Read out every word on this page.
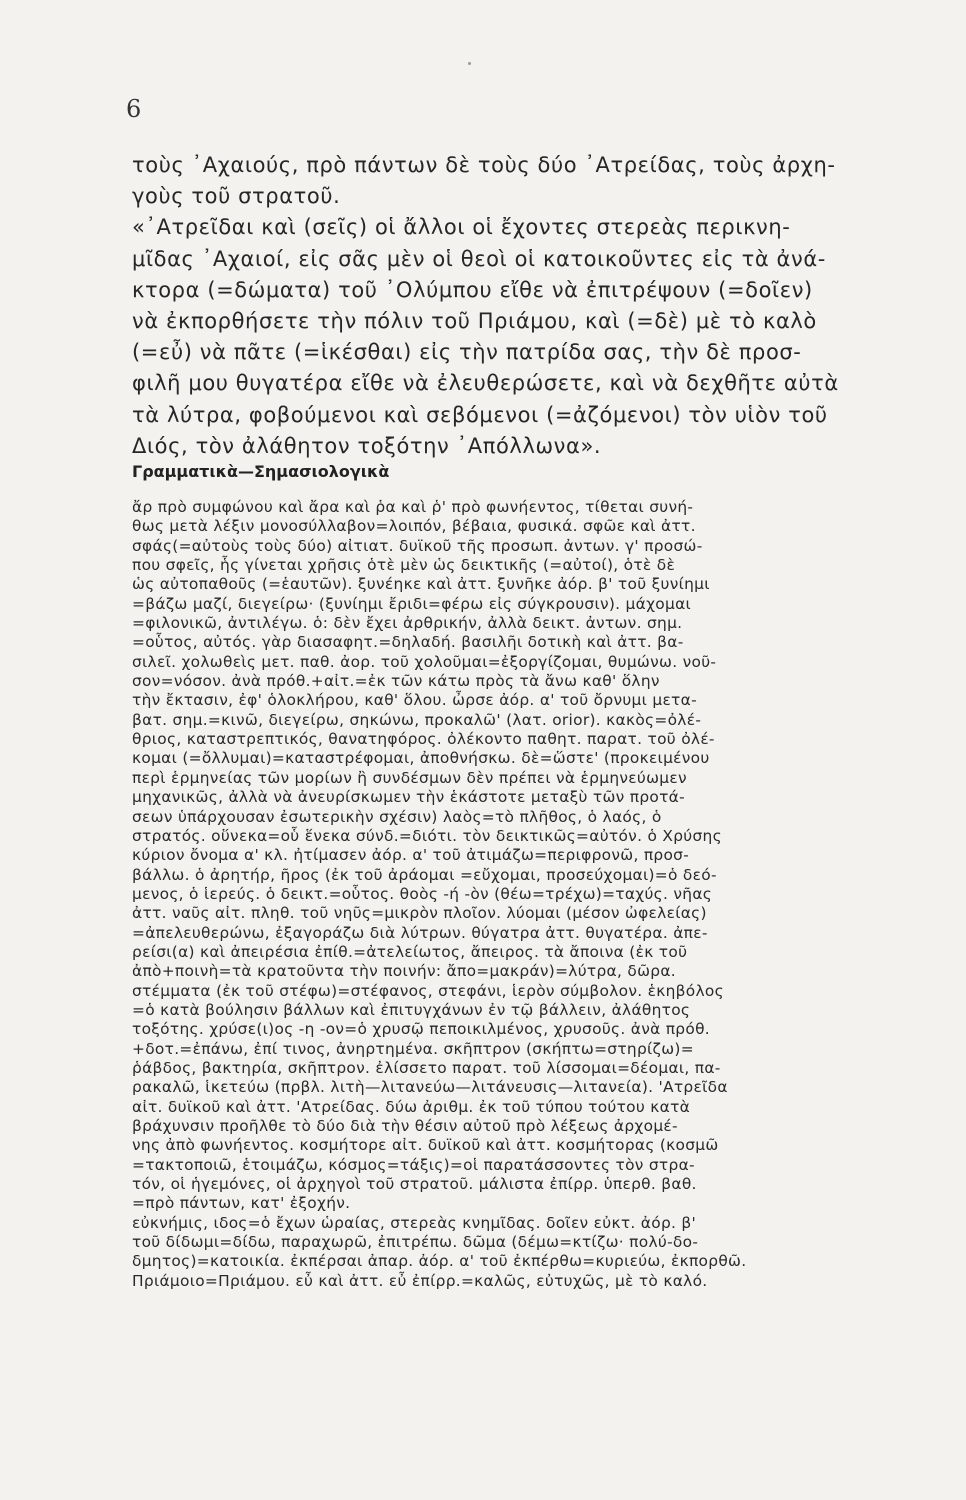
6
τοὺς ᾿Αχαιούς, πρὸ πάντων δὲ τοὺς δύο ᾿Ατρείδας, τοὺς ἀρχη-
γοὺς τοῦ στρατοῦ.
«᾿Ατρεῖδαι καὶ (σεῖς) οἱ ἄλλοι οἱ ἔχοντες στερεὰς περικνη-
μῖδας ᾿Αχαιοί, εἰς σᾶς μὲν οἱ θεοὶ οἱ κατοικοῦντες εἰς τὰ ἀνά-
κτορα (=δώματα) τοῦ ᾿Ολύμπου εἴθε νὰ ἐπιτρέψουν (=δοῖεν)
νὰ ἐκπορθήσετε τὴν πόλιν τοῦ Πριάμου, καὶ (=δὲ) μὲ τὸ καλὸ
(=εὖ) νὰ πᾶτε (=ἱκέσθαι) εἰς τὴν πατρίδα σας, τὴν δὲ προσ-
φιλῆ μου θυγατέρα εἴθε νὰ ἐλευθερώσετε, καὶ νὰ δεχθῆτε αὐτὰ
τὰ λύτρα, φοβούμενοι καὶ σεβόμενοι (=ἀζόμενοι) τὸν υἱὸν τοῦ
Διός, τὸν ἀλάθητον τοξότην ᾿Απόλλωνα».
Γραμματικὰ—Σημασιολογικὰ
ἄρ πρὸ συμφώνου καὶ ἄρα καὶ ῥα καὶ ῥ' πρὸ φωνήεντος, τίθεται συνή-
θως μετὰ λέξιν μονοσύλλαβον=λοιπόν, βέβαια, φυσικά. σφῶε καὶ ἀττ.
σφάς(=αὐτοὺς τοὺς δύο) αἰτιατ. δυϊκοῦ τῆς προσωπ. ἀντων. γ' προσώ-
που σφεῖς, ἧς γίνεται χρῆσις ὁτὲ μὲν ὡς δεικτικῆς (=αὐτοί), ὁτὲ δὲ
ὡς αὐτοπαθοῦς (=ἑαυτῶν). ξυνέηκε καὶ ἀττ. ξυνῆκε ἀόρ. β' τοῦ ξυνίημι
=βάζω μαζί, διεγείρω· (ξυνίημι ἔριδι=φέρω εἰς σύγκρουσιν). μάχομαι
=φιλονικῶ, ἀντιλέγω. ὁ: δὲν ἔχει ἀρθρικήν, ἀλλὰ δεικτ. ἀντων. σημ.
=οὗτος, αὐτός. γὰρ διασαφητ.=δηλαδή. βασιλῆι δοτικὴ καὶ ἀττ. βα-
σιλεῖ. χολωθεὶς μετ. παθ. ἀορ. τοῦ χολοῦμαι=ἐξοργίζομαι, θυμώνω. νοῦ-
σον=νόσον. ἀνὰ πρόθ.+αἰτ.=ἐκ τῶν κάτω πρὸς τὰ ἄνω καθ' ὅλην
τὴν ἔκτασιν, ἐφ' ὁλοκλήρου, καθ' ὅλου. ὦρσε ἀόρ. α' τοῦ ὄρνυμι μετα-
βατ. σημ.=κινῶ, διεγείρω, σηκώνω, προκαλῶ' (λατ. orior). κακὸς=ὀλέ-
θριος, καταστρεπτικός, θανατηφόρος. ὀλέκοντο παθητ. παρατ. τοῦ ὀλέ-
κομαι (=ὄλλυμαι)=καταστρέφομαι, ἀποθνήσκω. δὲ=ὥστε' (προκειμένου
περὶ ἑρμηνείας τῶν μορίων ἢ συνδέσμων δὲν πρέπει νὰ ἑρμηνεύωμεν
μηχανικῶς, ἀλλὰ νὰ ἀνευρίσκωμεν τὴν ἑκάστοτε μεταξὺ τῶν προτά-
σεων ὑπάρχουσαν ἐσωτερικὴν σχέσιν) λαὸς=τὸ πλῆθος, ὁ λαός, ὁ
στρατός. οὕνεκα=οὗ ἕνεκα σύνδ.=διότι. τὸν δεικτικῶς=αὐτόν. ὁ Χρύσης
κύριον ὄνομα α' κλ. ἠτίμασεν ἀόρ. α' τοῦ ἀτιμάζω=περιφρονῶ, προσ-
βάλλω. ὁ ἀρητήρ, ῆρος (ἐκ τοῦ ἀράομαι =εὔχομαι, προσεύχομαι)=ὁ δεό-
μενος, ὁ ἱερεύς. ὁ δεικτ.=οὗτος. θοὸς -ή -ὸν (θέω=τρέχω)=ταχύς. νῆας
ἀττ. ναῦς αἰτ. πληθ. τοῦ νηῦς=μικρὸν πλοῖον. λύομαι (μέσον ὠφελείας)
=ἀπελευθερώνω, ἐξαγοράζω διὰ λύτρων. θύγατρα ἀττ. θυγατέρα. ἀπε-
ρείσι(α) καὶ ἀπειρέσια ἐπίθ.=ἀτελείωτος, ἄπειρος. τὰ ἄποινα (ἐκ τοῦ
ἀπὸ+ποινὴ=τὰ κρατοῦντα τὴν ποινήν: ἄπο=μακράν)=λύτρα, δῶρα.
στέμματα (ἐκ τοῦ στέφω)=στέφανος, στεφάνι, ἱερὸν σύμβολον. ἑκηβόλος
=ὁ κατὰ βούλησιν βάλλων καὶ ἐπιτυγχάνων ἐν τῷ βάλλειν, ἀλάθητος
τοξότης. χρύσε(ι)ος -η -ον=ὁ χρυσῷ πεποικιλμένος, χρυσοῦς. ἀνὰ πρόθ.
+δοτ.=ἐπάνω, ἐπί τινος, ἀνηρτημένα. σκῆπτρον (σκήπτω=στηρίζω)=
ῥάβδος, βακτηρία, σκῆπτρον. ἐλίσσετο παρατ. τοῦ λίσσομαι=δέομαι, πα-
ρακαλῶ, ἱκετεύω (πρβλ. λιτὴ—λιτανεύω—λιτάνευσις—λιτανεία). 'Ατρεῖδα
αἰτ. δυϊκοῦ καὶ ἀττ. 'Ατρείδας. δύω ἀριθμ. ἐκ τοῦ τύπου τούτου κατὰ
βράχυνσιν προῆλθε τὸ δύο διὰ τὴν θέσιν αὐτοῦ πρὸ λέξεως ἀρχομέ-
νης ἀπὸ φωνήεντος. κοσμήτορε αἰτ. δυϊκοῦ καὶ ἀττ. κοσμήτορας (κοσμῶ
=τακτοποιῶ, ἑτοιμάζω, κόσμος=τάξις)=οἱ παρατάσσοντες τὸν στρα-
τόν, οἱ ἡγεμόνες, οἱ ἀρχηγοὶ τοῦ στρατοῦ. μάλιστα ἐπίρρ. ὑπερθ. βαθ.
=πρὸ πάντων, κατ' ἐξοχήν.
εὐκνήμις, ιδος=ὁ ἔχων ὡραίας, στερεὰς κνημῖδας. δοῖεν εὐκτ. ἀόρ. β'
τοῦ δίδωμι=δίδω, παραχωρῶ, ἐπιτρέπω. δῶμα (δέμω=κτίζω· πολύ-δο-
δμητος)=κατοικία. ἐκπέρσαι ἀπαρ. ἀόρ. α' τοῦ ἐκπέρθω=κυριεύω, ἐκπορθῶ.
Πριάμοιο=Πριάμου. εὖ καὶ ἀττ. εὖ ἐπίρρ.=καλῶς, εὐτυχῶς, μὲ τὸ καλό.
